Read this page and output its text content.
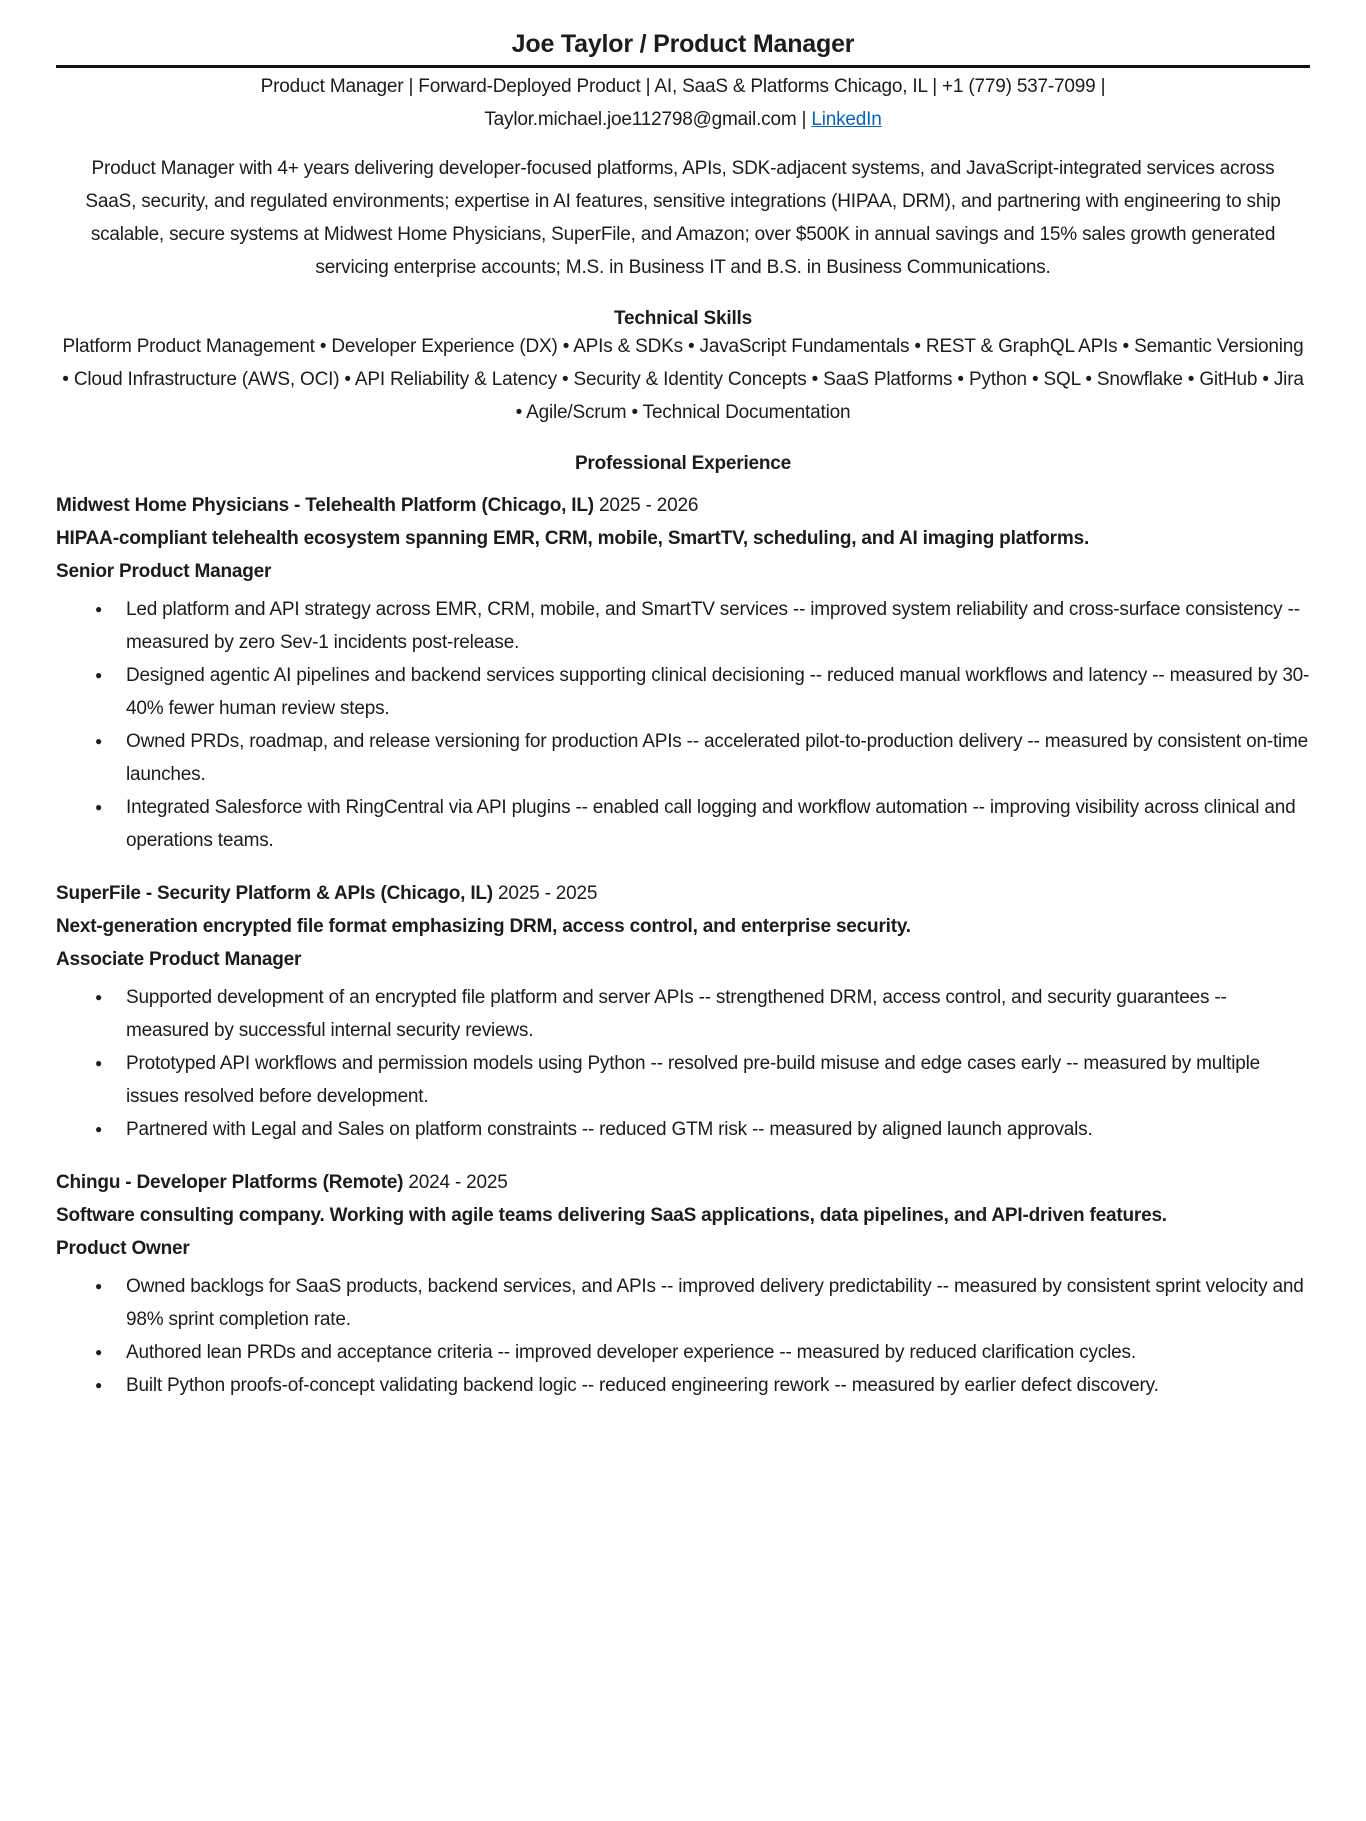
Joe Taylor / Product Manager
Product Manager | Forward-Deployed Product | AI, SaaS & Platforms Chicago, IL | +1 (779) 537-7099 |
Taylor.michael.joe112798@gmail.com | LinkedIn

Product Manager with 4+ years delivering developer-focused platforms, APIs, SDK-adjacent systems, and JavaScript-integrated services across SaaS, security, and regulated environments; expertise in AI features, sensitive integrations (HIPAA, DRM), and partnering with engineering to ship scalable, secure systems at Midwest Home Physicians, SuperFile, and Amazon; over $500K in annual savings and 15% sales growth generated servicing enterprise accounts; M.S. in Business IT and B.S. in Business Communications.

Technical Skills

Platform Product Management • Developer Experience (DX) • APIs & SDKs • JavaScript Fundamentals • REST & GraphQL APIs • Semantic Versioning • Cloud Infrastructure (AWS, OCI) • API Reliability & Latency • Security & Identity Concepts • SaaS Platforms • Python • SQL • Snowflake • GitHub • Jira • Agile/Scrum • Technical Documentation

Professional Experience
Midwest Home Physicians - Telehealth Platform (Chicago, IL) 2025 - 2026
HIPAA-compliant telehealth ecosystem spanning EMR, CRM, mobile, SmartTV, scheduling, and AI imaging platforms.
Senior Product Manager
● Led platform and API strategy across EMR, CRM, mobile, and SmartTV services -- improved system reliability and cross-surface consistency -- measured by zero Sev-1 incidents post-release.
● Designed agentic AI pipelines and backend services supporting clinical decisioning -- reduced manual workflows and latency -- measured by 30-40% fewer human review steps.
● Owned PRDs, roadmap, and release versioning for production APIs -- accelerated pilot-to-production delivery -- measured by consistent on-time launches.
● Integrated Salesforce with RingCentral via API plugins -- enabled call logging and workflow automation -- improving visibility across clinical and operations teams.
SuperFile - Security Platform & APIs (Chicago, IL) 2025 - 2025
Next-generation encrypted file format emphasizing DRM, access control, and enterprise security.
Associate Product Manager
● Supported development of an encrypted file platform and server APIs -- strengthened DRM, access control, and security guarantees -- measured by successful internal security reviews.
● Prototyped API workflows and permission models using Python -- resolved pre-build misuse and edge cases early -- measured by multiple issues resolved before development.
● Partnered with Legal and Sales on platform constraints -- reduced GTM risk -- measured by aligned launch approvals.
Chingu - Developer Platforms (Remote) 2024 - 2025
Software consulting company. Working with agile teams delivering SaaS applications, data pipelines, and API-driven features.
Product Owner
● Owned backlogs for SaaS products, backend services, and APIs -- improved delivery predictability -- measured by consistent sprint velocity and 98% sprint completion rate.
● Authored lean PRDs and acceptance criteria -- improved developer experience -- measured by reduced clarification cycles.
● Built Python proofs-of-concept validating backend logic -- reduced engineering rework -- measured by earlier defect discovery.
